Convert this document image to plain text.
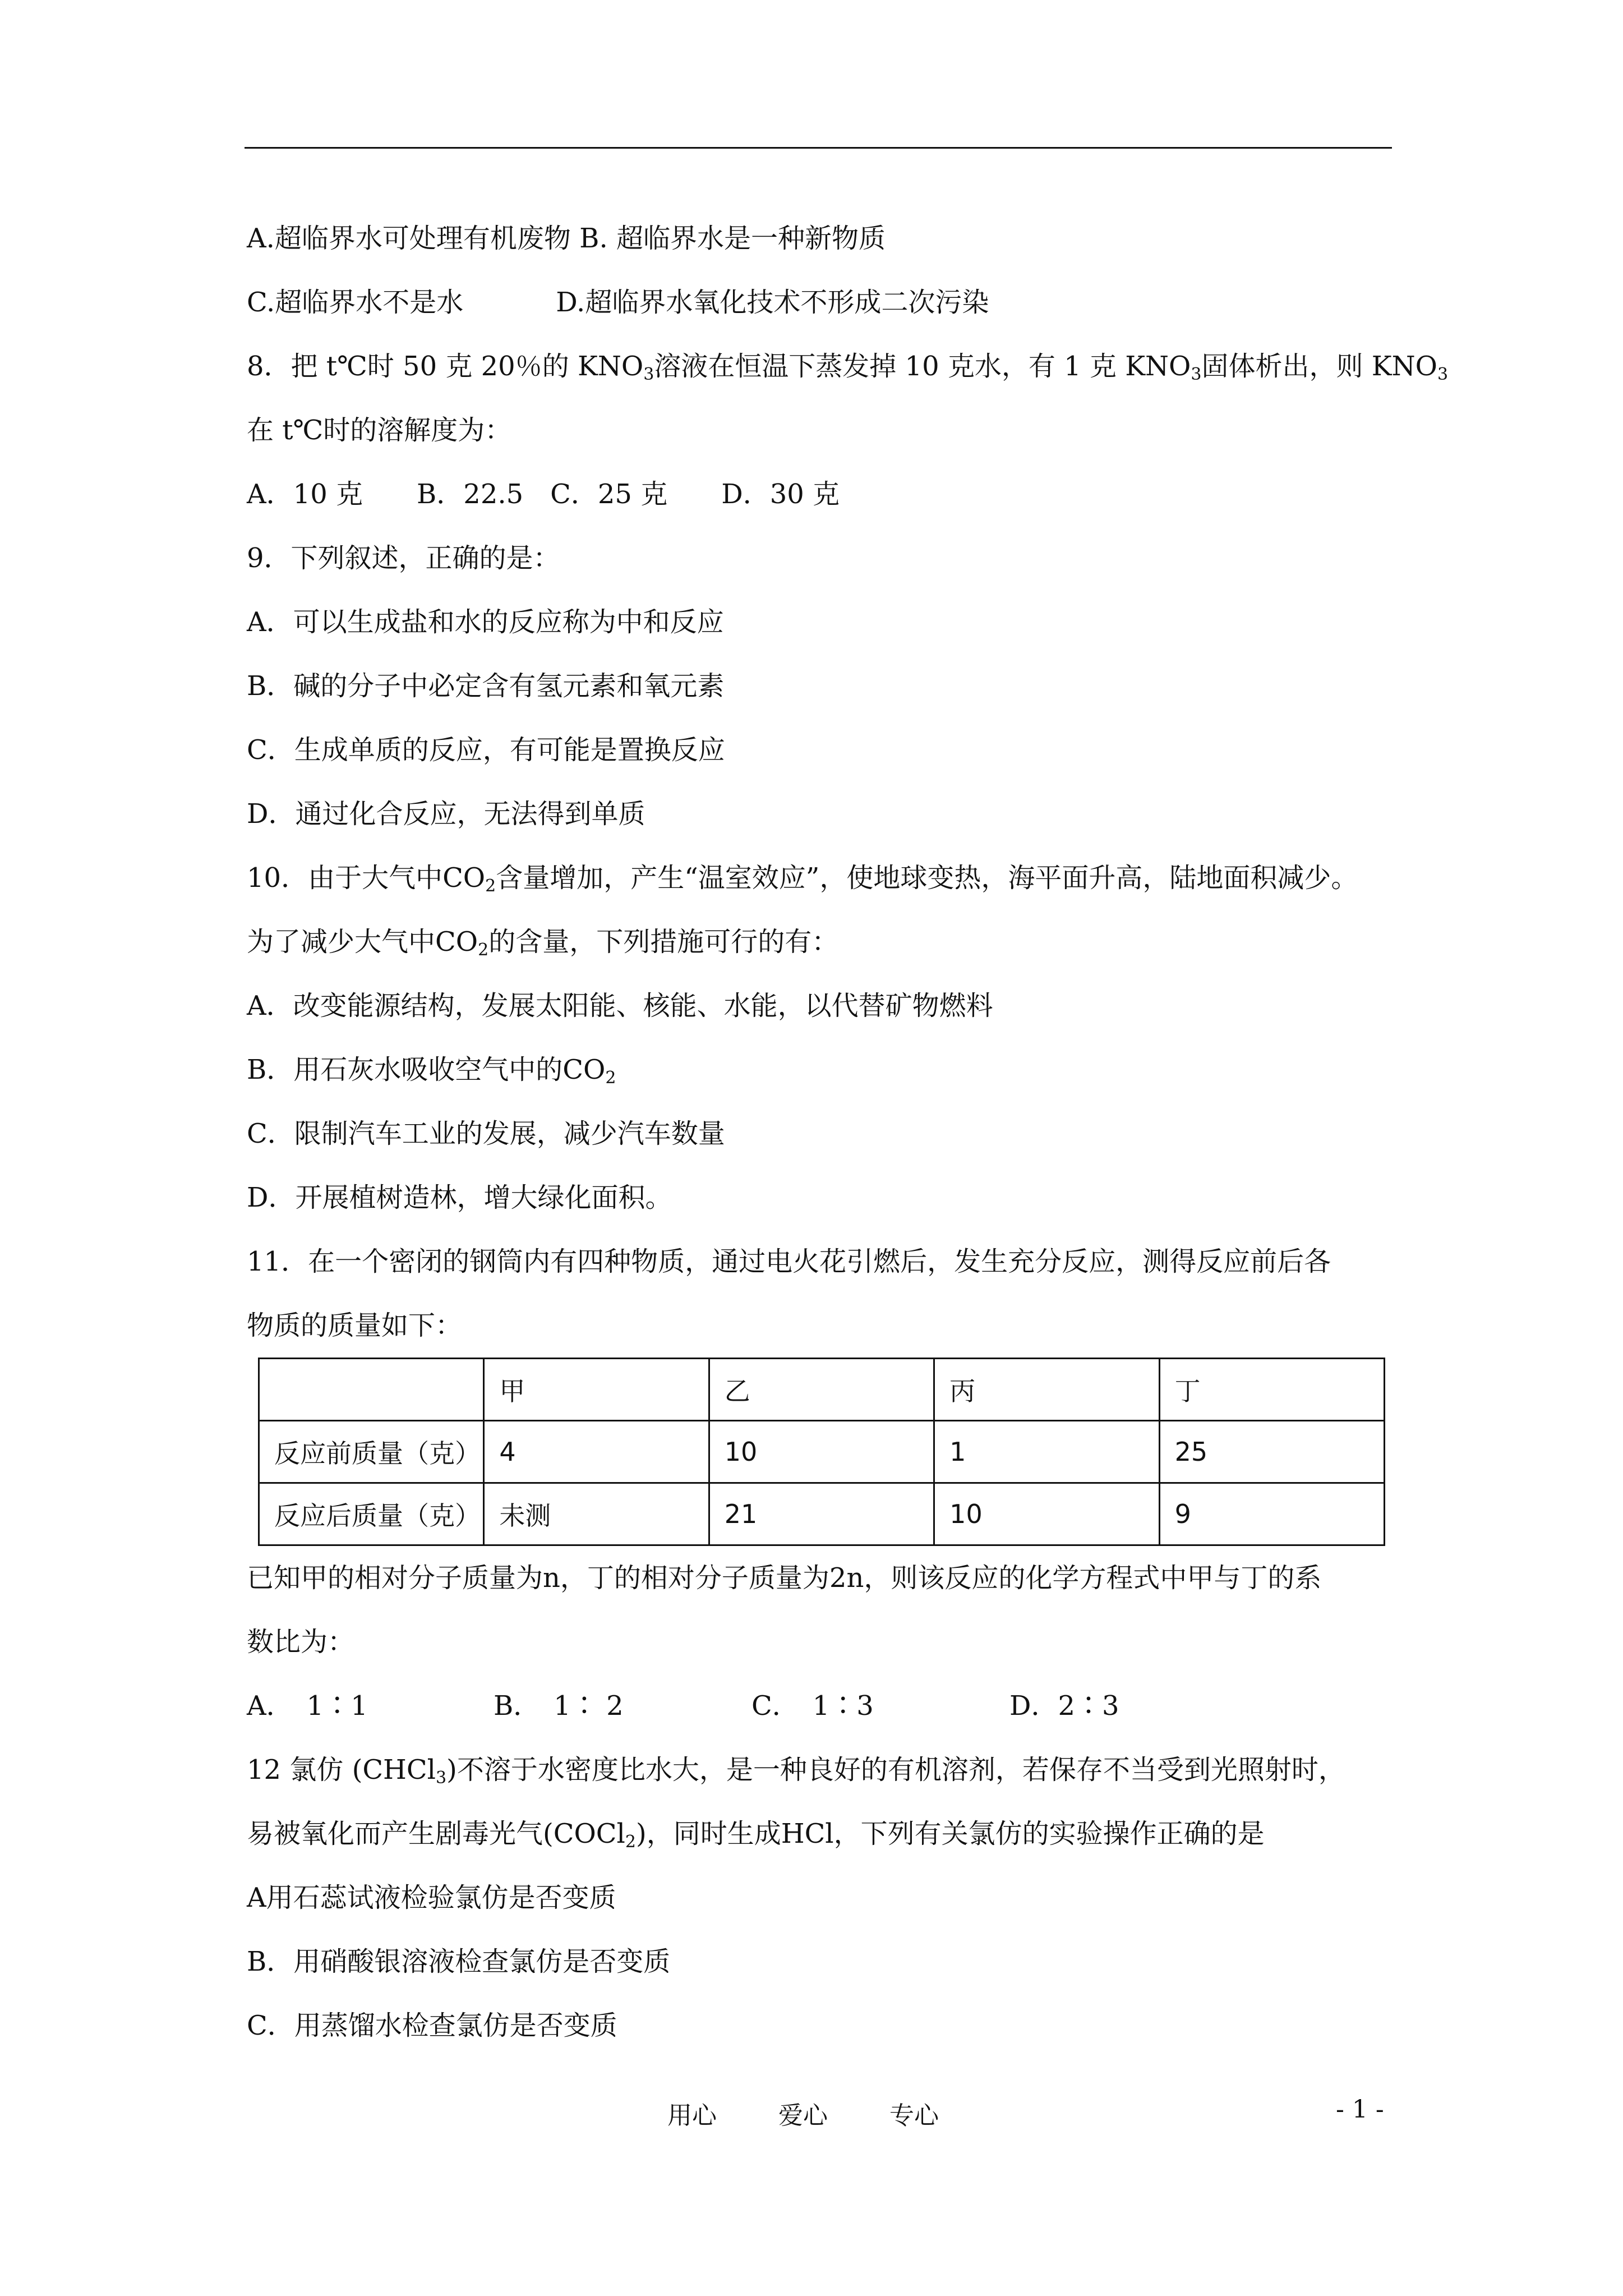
A.超临界水可处理有机废物 B. 超临界水是一种新物质
C.超临界水不是水	D.超临界水氧化技术不形成二次污染
8．把 t℃时 50 克 20％的 $KNO_3$溶液在恒温下蒸发掉 10 克水，有 1 克 $KNO_3$固体析出，则 $KNO_3$
在 t℃时的溶解度为：
A．10 克　　B．22.5　C．25 克　　D．30 克
9．下列叙述，正确的是：
A．可以生成盐和水的反应称为中和反应
B．碱的分子中必定含有氢元素和氧元素
C．生成单质的反应，有可能是置换反应
D．通过化合反应，无法得到单质
10．由于大气中$CO_2$含量增加，产生“温室效应”，使地球变热，海平面升高，陆地面积减少。
为了减少大气中$CO_2$的含量，下列措施可行的有：
A．改变能源结构，发展太阳能、核能、水能，以代替矿物燃料
B．用石灰水吸收空气中的$CO_2$
C．限制汽车工业的发展，减少汽车数量
D．开展植树造林，增大绿化面积。
11．在一个密闭的钢筒内有四种物质，通过电火花引燃后，发生充分反应，测得反应前后各
物质的质量如下：
	甲	乙	丙	丁
反应前质量（克）	4	10	1	25
反应后质量（克）	未测	21	10	9
已知甲的相对分子质量为n，丁的相对分子质量为2n，则该反应的化学方程式中甲与丁的系
数比为：
A．　1∶1	B．　1∶ 2	C．　1∶3	D．2∶3
12 氯仿 (CHCl$_3$)不溶于水密度比水大，是一种良好的有机溶剂，若保存不当受到光照射时，
易被氧化而产生剧毒光气(COCl$_2$)，同时生成HCl，下列有关氯仿的实验操作正确的是
A用石蕊试液检验氯仿是否变质
B．用硝酸银溶液检查氯仿是否变质
C．用蒸馏水检查氯仿是否变质
用心	爱心	专心	- 1 -
